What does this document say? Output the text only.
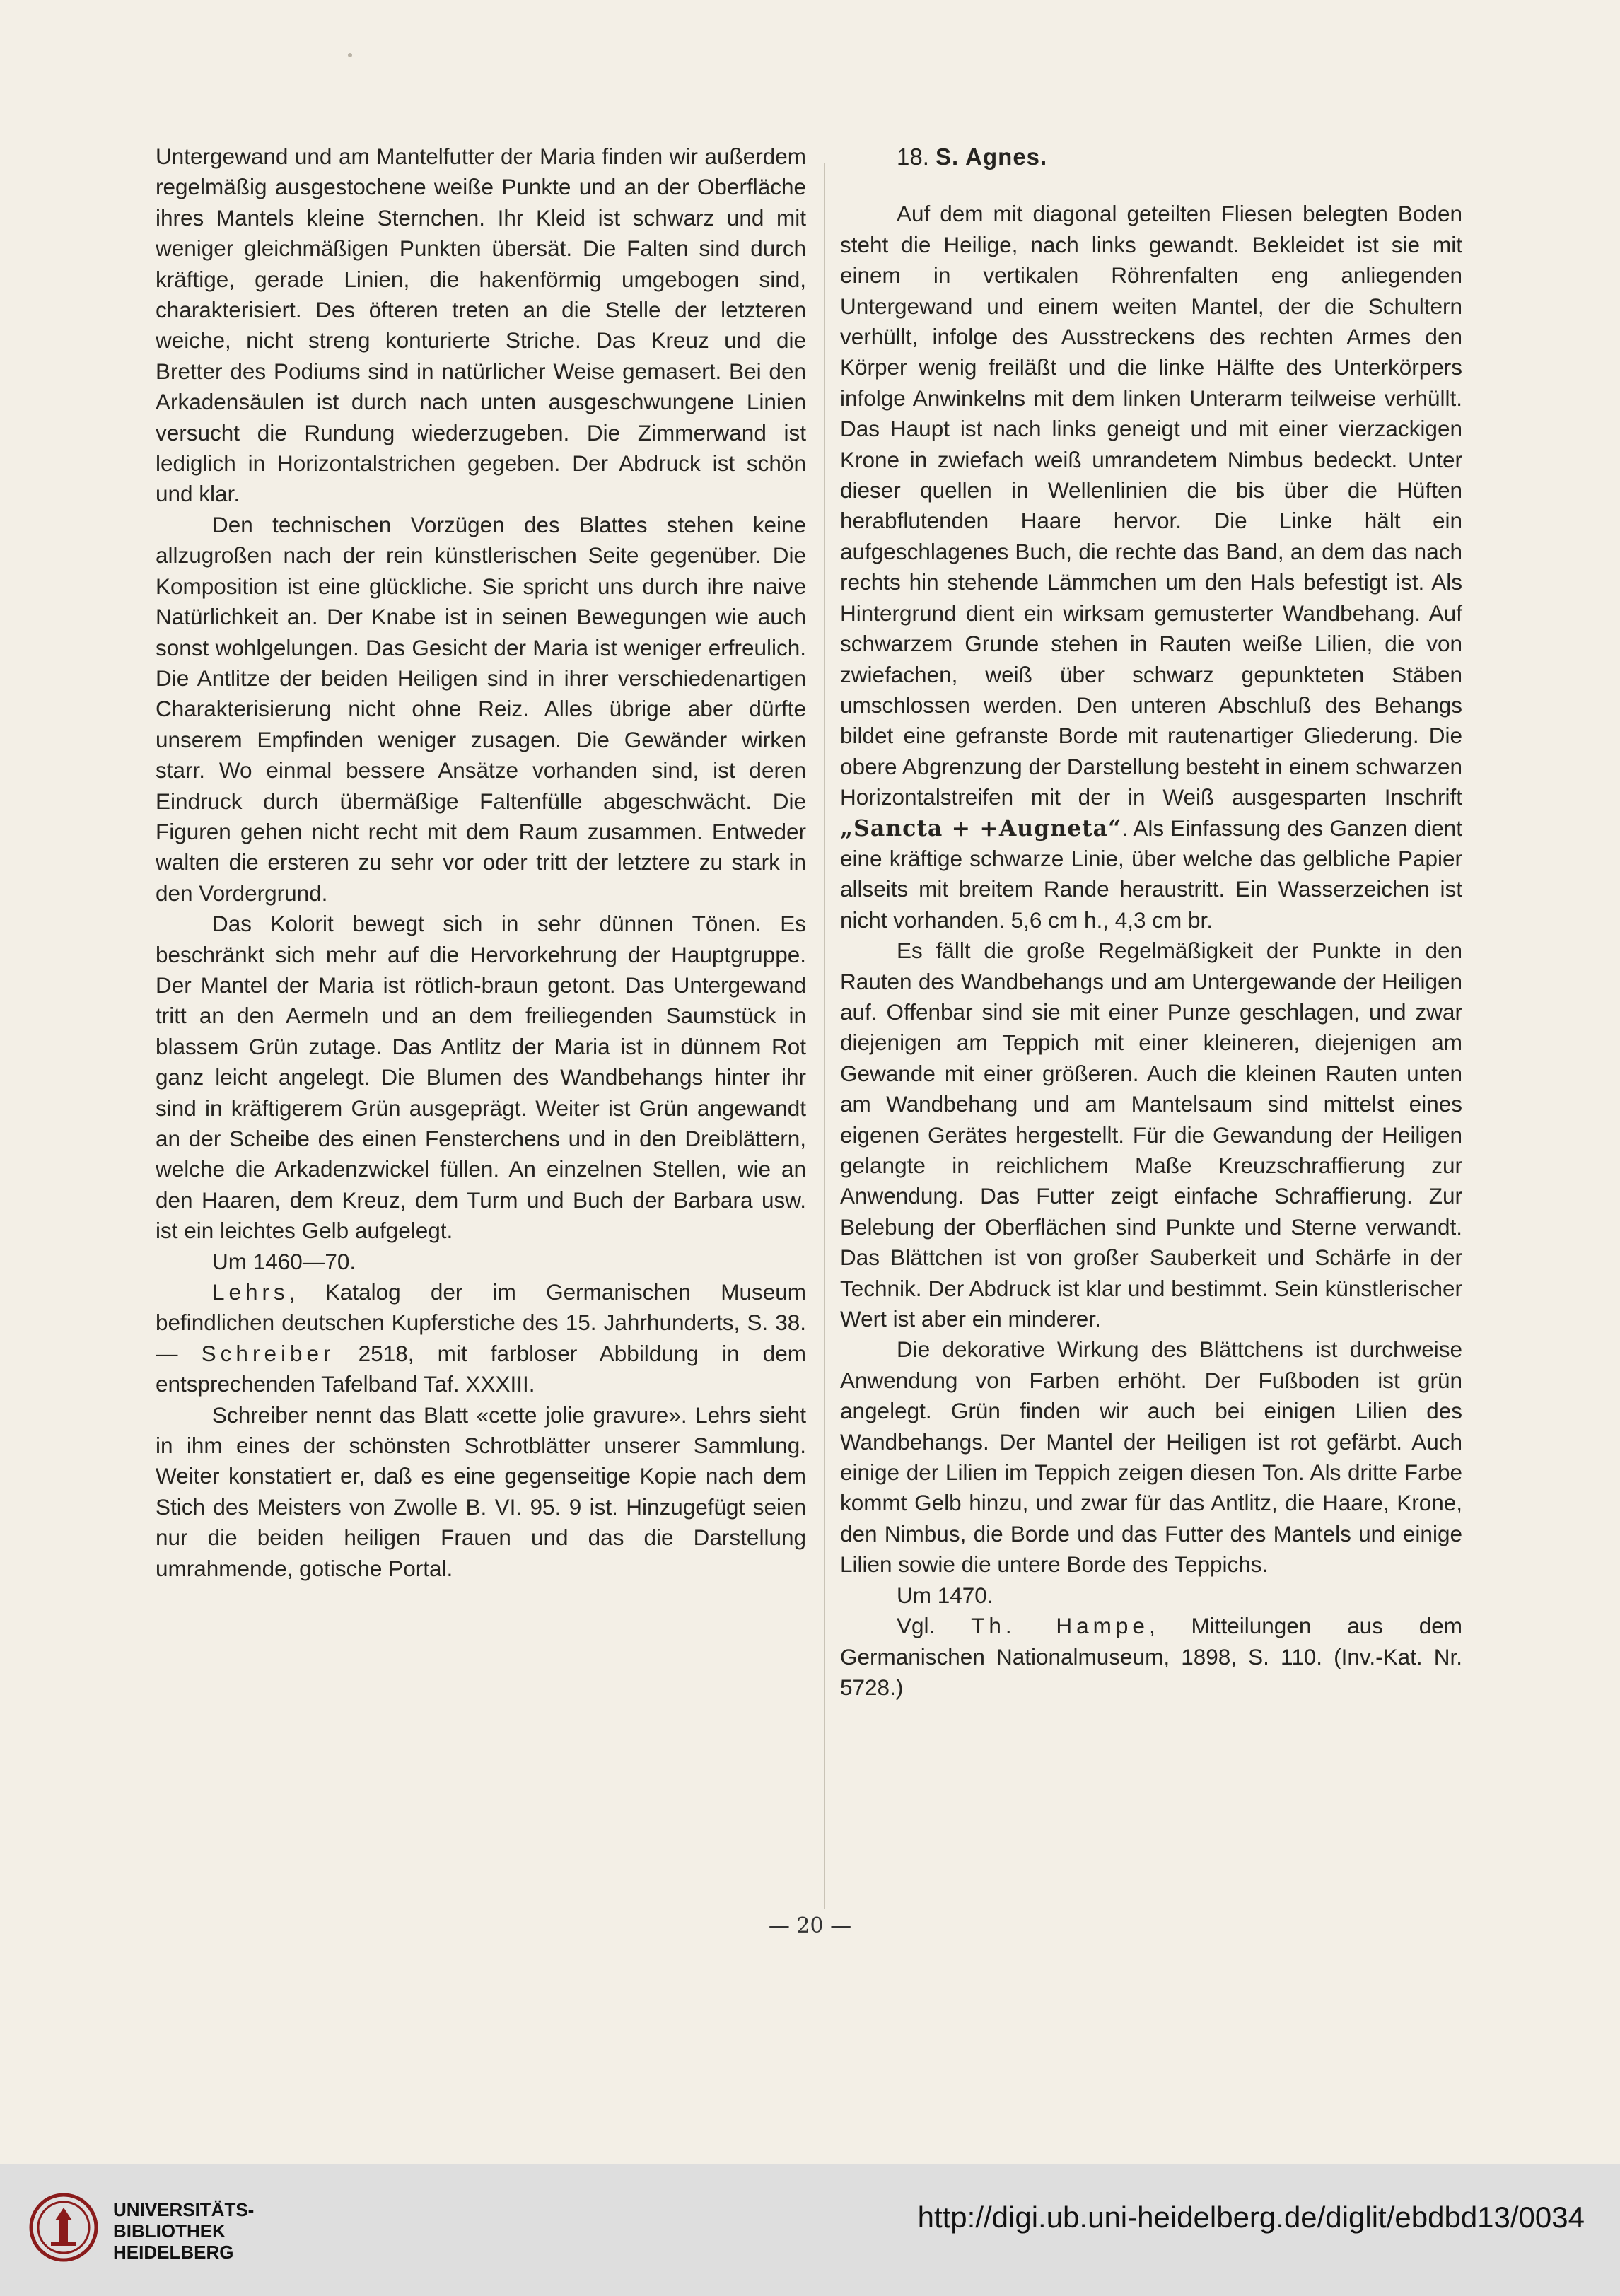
Untergewand und am Mantelfutter der Maria finden wir außerdem regelmäßig ausgestochene weiße Punkte und an der Oberfläche ihres Mantels kleine Sternchen. Ihr Kleid ist schwarz und mit weniger gleichmäßigen Punkten übersät. Die Falten sind durch kräftige, gerade Linien, die hakenförmig umgebogen sind, charakterisiert. Des öfteren treten an die Stelle der letzteren weiche, nicht streng konturierte Striche. Das Kreuz und die Bretter des Podiums sind in natürlicher Weise gemasert. Bei den Arkadensäulen ist durch nach unten ausgeschwungene Linien versucht die Rundung wiederzugeben. Die Zimmerwand ist lediglich in Horizontalstrichen gegeben. Der Abdruck ist schön und klar.

Den technischen Vorzügen des Blattes stehen keine allzugroßen nach der rein künstlerischen Seite gegenüber. Die Komposition ist eine glückliche. Sie spricht uns durch ihre naive Natürlichkeit an. Der Knabe ist in seinen Bewegungen wie auch sonst wohlgelungen. Das Gesicht der Maria ist weniger erfreulich. Die Antlitze der beiden Heiligen sind in ihrer verschiedenartigen Charakterisierung nicht ohne Reiz. Alles übrige aber dürfte unserem Empfinden weniger zusagen. Die Gewänder wirken starr. Wo einmal bessere Ansätze vorhanden sind, ist deren Eindruck durch übermäßige Faltenfülle abgeschwächt. Die Figuren gehen nicht recht mit dem Raum zusammen. Entweder walten die ersteren zu sehr vor oder tritt der letztere zu stark in den Vordergrund.

Das Kolorit bewegt sich in sehr dünnen Tönen. Es beschränkt sich mehr auf die Hervorkehrung der Hauptgruppe. Der Mantel der Maria ist rötlich-braun getont. Das Untergewand tritt an den Aermeln und an dem freiliegenden Saumstück in blassem Grün zutage. Das Antlitz der Maria ist in dünnem Rot ganz leicht angelegt. Die Blumen des Wandbehangs hinter ihr sind in kräftigerem Grün ausgeprägt. Weiter ist Grün angewandt an der Scheibe des einen Fensterchens und in den Dreiblättern, welche die Arkadenzwickel füllen. An einzelnen Stellen, wie an den Haaren, dem Kreuz, dem Turm und Buch der Barbara usw. ist ein leichtes Gelb aufgelegt.

Um 1460—70.

Lehrs, Katalog der im Germanischen Museum befindlichen deutschen Kupferstiche des 15. Jahrhunderts, S. 38. — Schreiber 2518, mit farbloser Abbildung in dem entsprechenden Tafelband Taf. XXXIII.

Schreiber nennt das Blatt «cette jolie gravure». Lehrs sieht in ihm eines der schönsten Schrotblätter unserer Sammlung. Weiter konstatiert er, daß es eine gegenseitige Kopie nach dem Stich des Meisters von Zwolle B. VI. 95. 9 ist. Hinzugefügt seien nur die beiden heiligen Frauen und das die Darstellung umrahmende, gotische Portal.

18. S. Agnes.

Auf dem mit diagonal geteilten Fliesen belegten Boden steht die Heilige, nach links gewandt. Bekleidet ist sie mit einem in vertikalen Röhrenfalten eng anliegenden Untergewand und einem weiten Mantel, der die Schultern verhüllt, infolge des Ausstreckens des rechten Armes den Körper wenig freiläßt und die linke Hälfte des Unterkörpers infolge Anwinkelns mit dem linken Unterarm teilweise verhüllt. Das Haupt ist nach links geneigt und mit einer vierzackigen Krone in zwiefach weiß umrandetem Nimbus bedeckt. Unter dieser quellen in Wellenlinien die bis über die Hüften herabflutenden Haare hervor. Die Linke hält ein aufgeschlagenes Buch, die rechte das Band, an dem das nach rechts hin stehende Lämmchen um den Hals befestigt ist. Als Hintergrund dient ein wirksam gemusterter Wandbehang. Auf schwarzem Grunde stehen in Rauten weiße Lilien, die von zwiefachen, weiß über schwarz gepunkteten Stäben umschlossen werden. Den unteren Abschluß des Behangs bildet eine gefranste Borde mit rautenartiger Gliederung. Die obere Abgrenzung der Darstellung besteht in einem schwarzen Horizontalstreifen mit der in Weiß ausgesparten Inschrift „Sancta + +Augneta“. Als Einfassung des Ganzen dient eine kräftige schwarze Linie, über welche das gelbliche Papier allseits mit breitem Rande heraustritt. Ein Wasserzeichen ist nicht vorhanden. 5,6 cm h., 4,3 cm br.

Es fällt die große Regelmäßigkeit der Punkte in den Rauten des Wandbehangs und am Untergewande der Heiligen auf. Offenbar sind sie mit einer Punze geschlagen, und zwar diejenigen am Teppich mit einer kleineren, diejenigen am Gewande mit einer größeren. Auch die kleinen Rauten unten am Wandbehang und am Mantelsaum sind mittelst eines eigenen Gerätes hergestellt. Für die Gewandung der Heiligen gelangte in reichlichem Maße Kreuzschraffierung zur Anwendung. Das Futter zeigt einfache Schraffierung. Zur Belebung der Oberflächen sind Punkte und Sterne verwandt. Das Blättchen ist von großer Sauberkeit und Schärfe in der Technik. Der Abdruck ist klar und bestimmt. Sein künstlerischer Wert ist aber ein minderer.

Die dekorative Wirkung des Blättchens ist durchweise Anwendung von Farben erhöht. Der Fußboden ist grün angelegt. Grün finden wir auch bei einigen Lilien des Wandbehangs. Der Mantel der Heiligen ist rot gefärbt. Auch einige der Lilien im Teppich zeigen diesen Ton. Als dritte Farbe kommt Gelb hinzu, und zwar für das Antlitz, die Haare, Krone, den Nimbus, die Borde und das Futter des Mantels und einige Lilien sowie die untere Borde des Teppichs.

Um 1470.

Vgl. Th. Hampe, Mitteilungen aus dem Germanischen Nationalmuseum, 1898, S. 110. (Inv.-Kat. Nr. 5728.)

— 20 —
UNIVERSITÄTS-
BIBLIOTHEK
HEIDELBERG
http://digi.ub.uni-heidelberg.de/diglit/ebdbd13/0034
